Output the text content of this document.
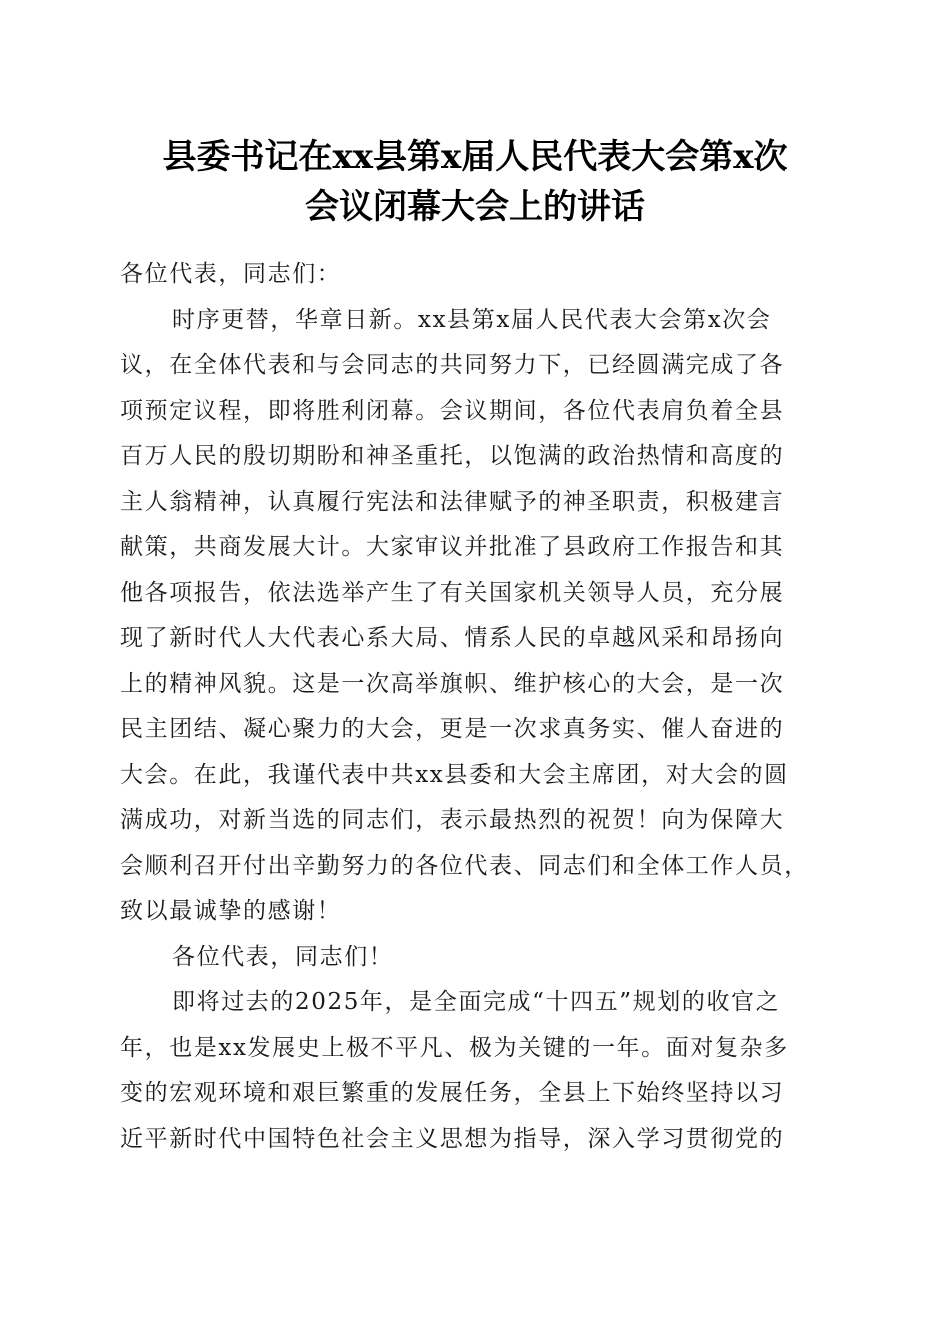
县委书记在xx县第x届人民代表大会第x次
会议闭幕大会上的讲话
各位代表，同志们：
时序更替，华章日新。xx县第x届人民代表大会第x次会
议，在全体代表和与会同志的共同努力下，已经圆满完成了各
项预定议程，即将胜利闭幕。会议期间，各位代表肩负着全县
百万人民的殷切期盼和神圣重托，以饱满的政治热情和高度的
主人翁精神，认真履行宪法和法律赋予的神圣职责，积极建言
献策，共商发展大计。大家审议并批准了县政府工作报告和其
他各项报告，依法选举产生了有关国家机关领导人员，充分展
现了新时代人大代表心系大局、情系人民的卓越风采和昂扬向
上的精神风貌。这是一次高举旗帜、维护核心的大会，是一次
民主团结、凝心聚力的大会，更是一次求真务实、催人奋进的
大会。在此，我谨代表中共xx县委和大会主席团，对大会的圆
满成功，对新当选的同志们，表示最热烈的祝贺！向为保障大
会顺利召开付出辛勤努力的各位代表、同志们和全体工作人员，
致以最诚挚的感谢！
各位代表，同志们！
即将过去的2025年，是全面完成“十四五”规划的收官之
年，也是xx发展史上极不平凡、极为关键的一年。面对复杂多
变的宏观环境和艰巨繁重的发展任务，全县上下始终坚持以习
近平新时代中国特色社会主义思想为指导，深入学习贯彻党的
